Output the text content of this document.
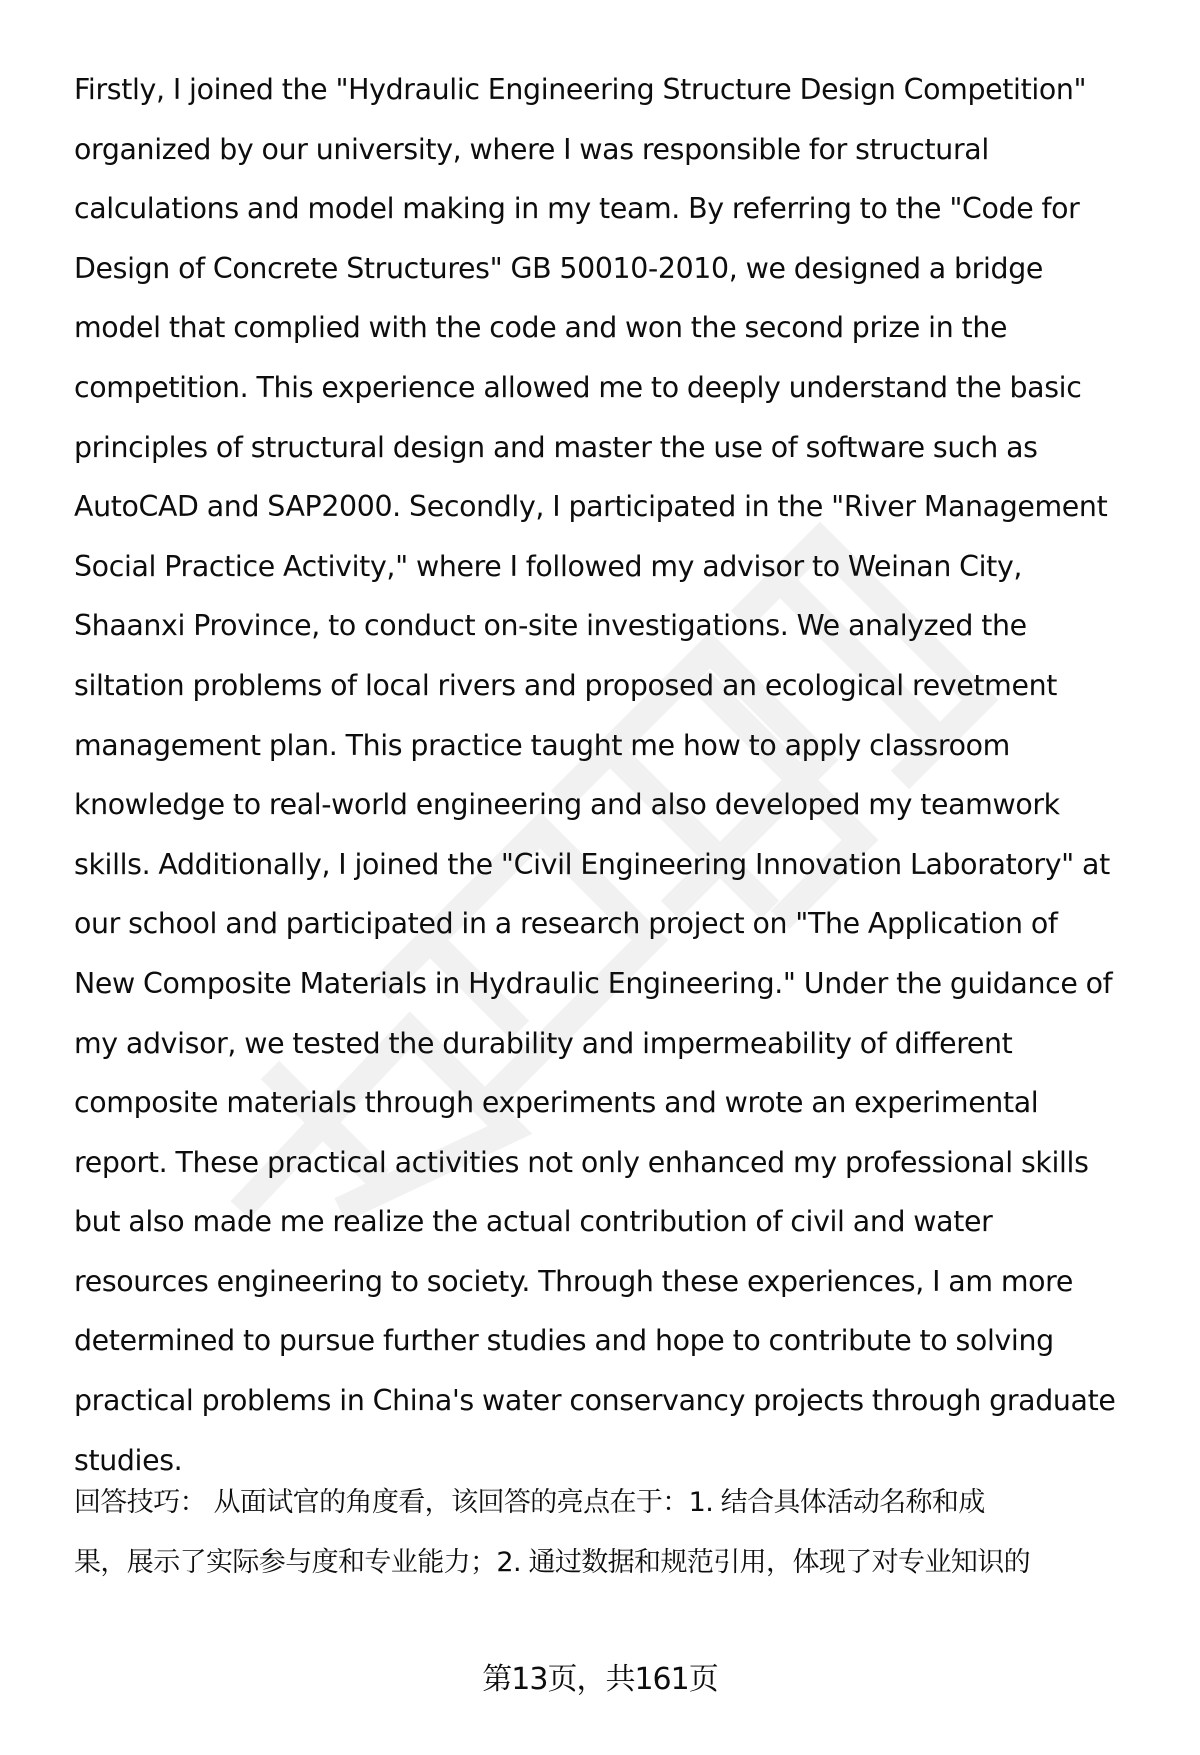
Firstly, I joined the "Hydraulic Engineering Structure Design Competition"
organized by our university, where I was responsible for structural
calculations and model making in my team. By referring to the "Code for
Design of Concrete Structures" GB 50010-2010, we designed a bridge
model that complied with the code and won the second prize in the
competition. This experience allowed me to deeply understand the basic
principles of structural design and master the use of software such as
AutoCAD and SAP2000. Secondly, I participated in the "River Management
Social Practice Activity," where I followed my advisor to Weinan City,
Shaanxi Province, to conduct on-site investigations. We analyzed the
siltation problems of local rivers and proposed an ecological revetment
management plan. This practice taught me how to apply classroom
knowledge to real-world engineering and also developed my teamwork
skills. Additionally, I joined the "Civil Engineering Innovation Laboratory" at
our school and participated in a research project on "The Application of
New Composite Materials in Hydraulic Engineering." Under the guidance of
my advisor, we tested the durability and impermeability of different
composite materials through experiments and wrote an experimental
report. These practical activities not only enhanced my professional skills
but also made me realize the actual contribution of civil and water
resources engineering to society. Through these experiences, I am more
determined to pursue further studies and hope to contribute to solving
practical problems in China's water conservancy projects through graduate
studies.
回答技巧： 从面试官的角度看，该回答的亮点在于：1. 结合具体活动名称和成
果，展示了实际参与度和专业能力；2. 通过数据和规范引用，体现了对专业知识的
第13页，共161页
